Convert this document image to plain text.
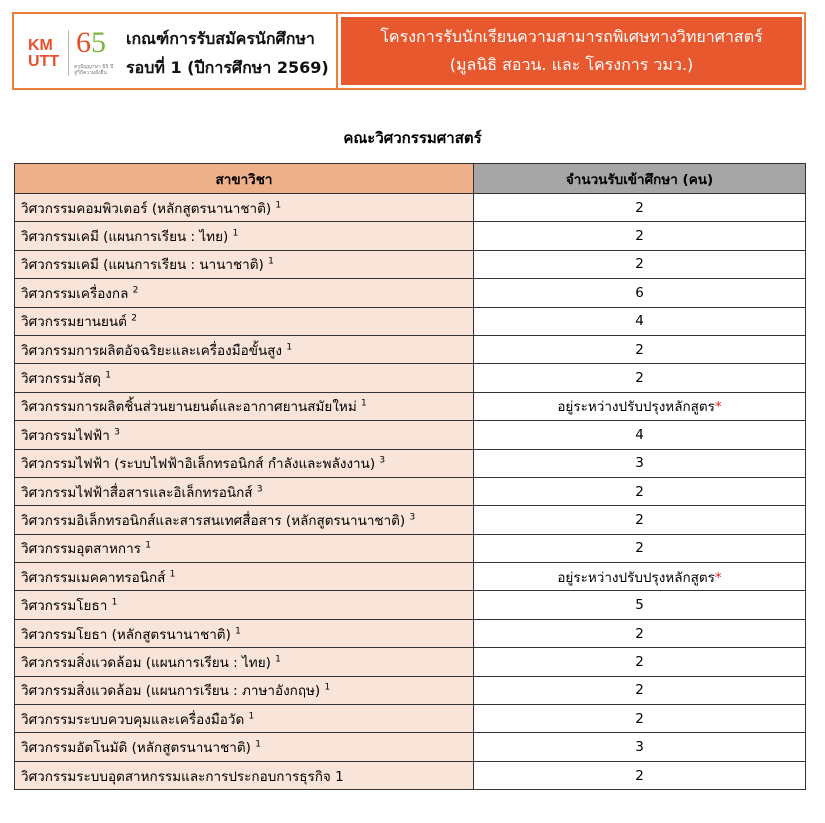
KM
UTT
65
ครูปัญญาษา 65 ปี
สู่วิถีความยั่งยืน
เกณฑ์การรับสมัครนักศึกษา
รอบที่ 1 (ปีการศึกษา 2569)
โครงการรับนักเรียนความสามารถพิเศษทางวิทยาศาสตร์
(มูลนิธิ สอวน. และ โครงการ วมว.)
คณะวิศวกรรมศาสตร์
สาขาวิชา	จำนวนรับเข้าศึกษา (คน)
วิศวกรรมคอมพิวเตอร์ (หลักสูตรนานาชาติ) $^1$	2
วิศวกรรมเคมี (แผนการเรียน : ไทย) $^1$	2
วิศวกรรมเคมี (แผนการเรียน : นานาชาติ) $^1$	2
วิศวกรรมเครื่องกล $^2$	6
วิศวกรรมยานยนต์ $^2$	4
วิศวกรรมการผลิตอัจฉริยะและเครื่องมือขั้นสูง $^1$	2
วิศวกรรมวัสดุ $^1$	2
วิศวกรรมการผลิตชิ้นส่วนยานยนต์และอากาศยานสมัยใหม่ $^1$	อยู่ระหว่างปรับปรุงหลักสูตร*
วิศวกรรมไฟฟ้า $^3$	4
วิศวกรรมไฟฟ้า (ระบบไฟฟ้าอิเล็กทรอนิกส์ กำลังและพลังงาน) $^3$	3
วิศวกรรมไฟฟ้าสื่อสารและอิเล็กทรอนิกส์ $^3$	2
วิศวกรรมอิเล็กทรอนิกส์และสารสนเทศสื่อสาร (หลักสูตรนานาชาติ) $^3$	2
วิศวกรรมอุตสาหการ $^1$	2
วิศวกรรมเมคคาทรอนิกส์ $^1$	อยู่ระหว่างปรับปรุงหลักสูตร*
วิศวกรรมโยธา $^1$	5
วิศวกรรมโยธา (หลักสูตรนานาชาติ) $^1$	2
วิศวกรรมสิ่งแวดล้อม (แผนการเรียน : ไทย) $^1$	2
วิศวกรรมสิ่งแวดล้อม (แผนการเรียน : ภาษาอังกฤษ) $^1$	2
วิศวกรรมระบบควบคุมและเครื่องมือวัด $^1$	2
วิศวกรรมอัตโนมัติ (หลักสูตรนานาชาติ) $^1$	3
วิศวกรรมระบบอุตสาหกรรมและการประกอบการธุรกิจ 1	2
